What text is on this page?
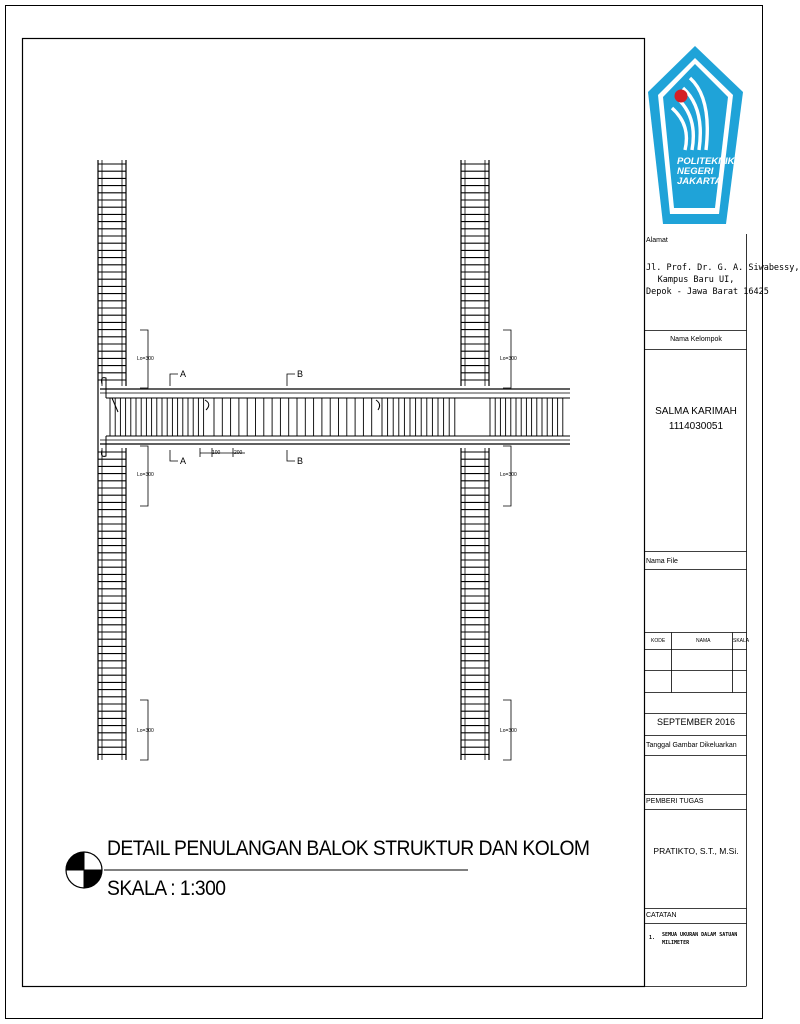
POLITEKNIK
NEGERI
JAKARTA
Alamat
Jl. Prof. Dr. G. A. Siwabessy,
Kampus Baru UI,
Depok - Jawa Barat 16425
Nama Kelompok
SALMA KARIMAH
1114030051
Nama File
KODE	NAMA	SKALA
SEPTEMBER 2016
Tanggal Gambar Dikeluarkan
PEMBERI TUGAS
PRATIKTO, S.T., M.Si.
CATATAN
1. SEMUA UKURAN DALAM SATUAN
MILIMETER
A
A
B
B
Lo=300
Lo=300
Lo=300
Lo=300
Lo=300
Lo=300
100	200
DETAIL PENULANGAN BALOK STRUKTUR DAN KOLOM
SKALA : 1:300
